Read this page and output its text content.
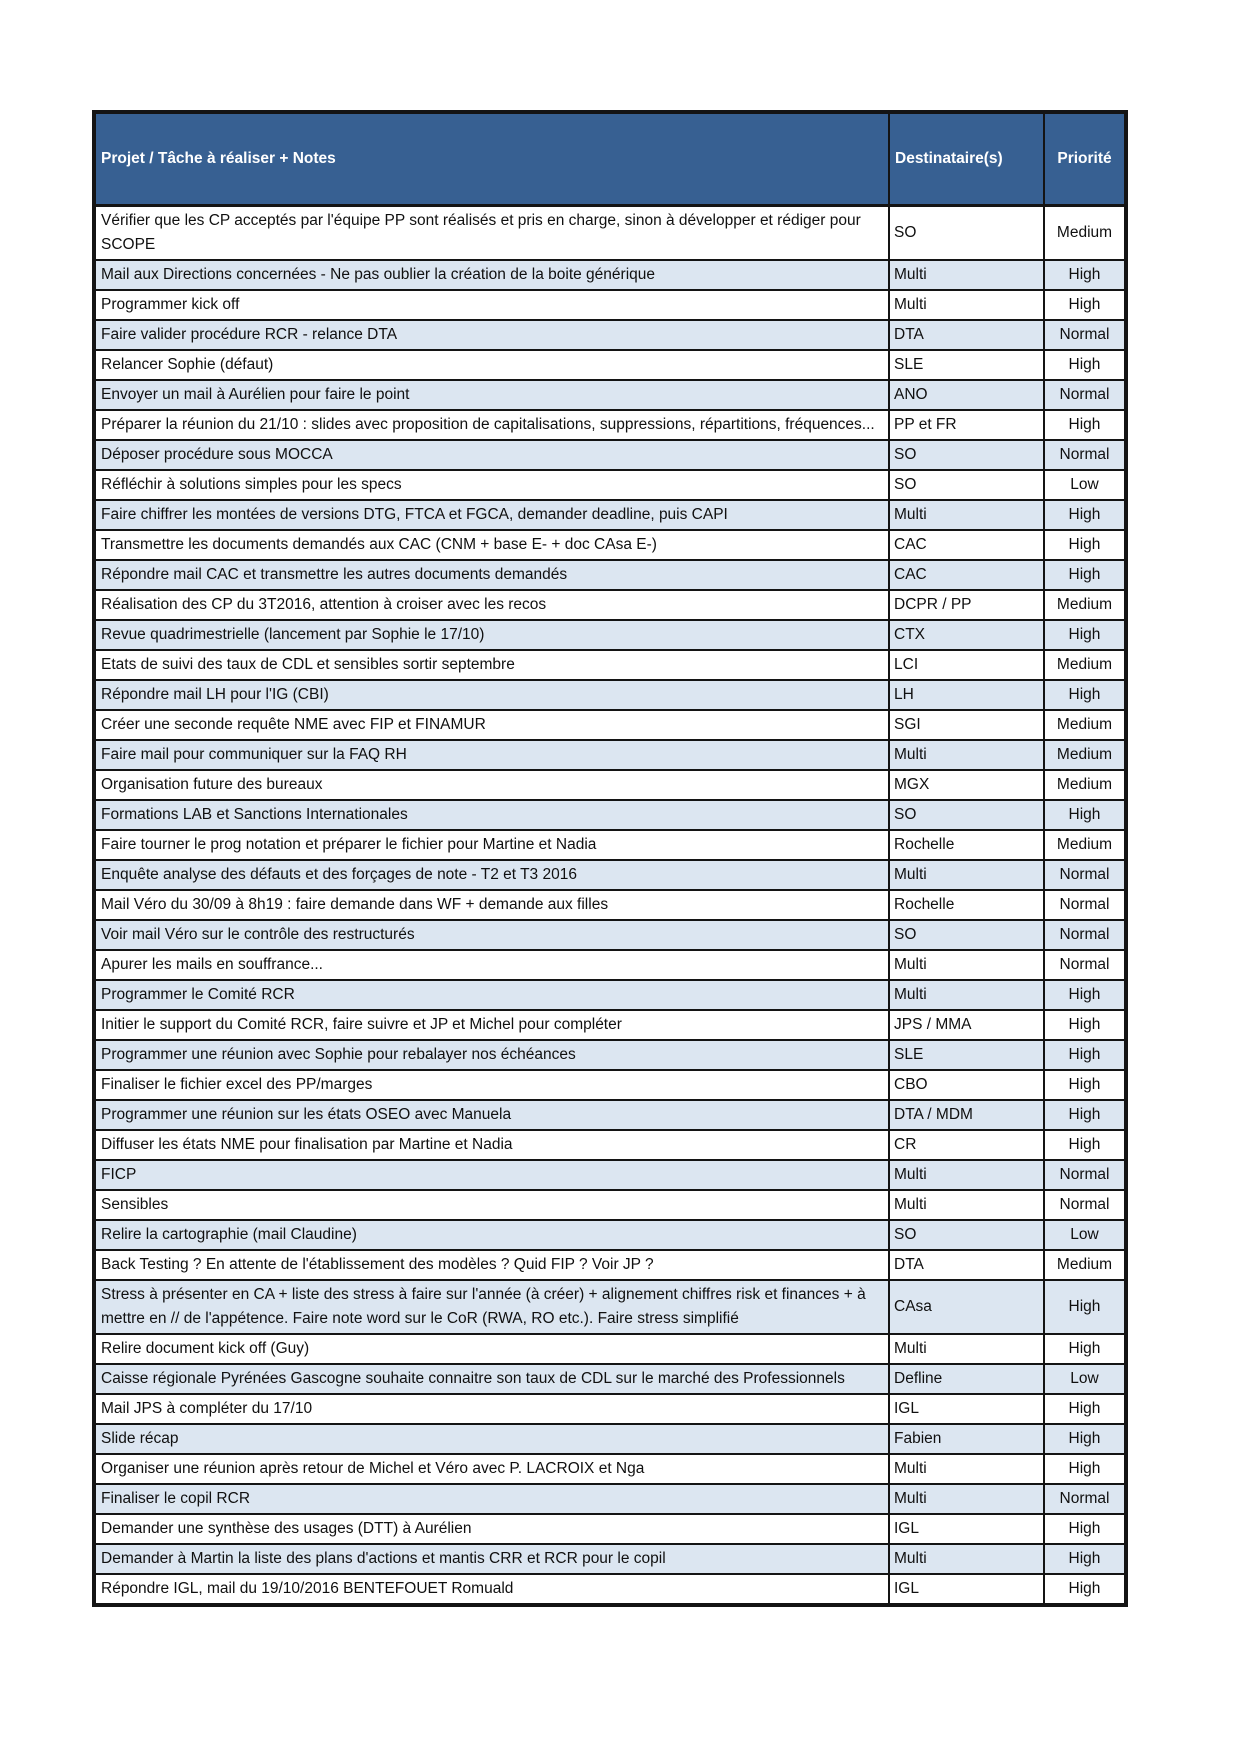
Projet / Tâche à réaliser + Notes	Destinataire(s)	Priorité
Vérifier que les CP acceptés par l'équipe PP sont réalisés et pris en charge, sinon à développer et rédiger pour SCOPE	SO	Medium
Mail aux Directions concernées - Ne pas oublier la création de la boite générique	Multi	High
Programmer kick off	Multi	High
Faire valider procédure RCR - relance DTA	DTA	Normal
Relancer Sophie (défaut)	SLE	High
Envoyer un mail à Aurélien pour faire le point	ANO	Normal
Préparer la réunion du 21/10 : slides avec proposition de capitalisations, suppressions, répartitions, fréquences...	PP et FR	High
Déposer procédure sous MOCCA	SO	Normal
Réfléchir à solutions simples pour les specs	SO	Low
Faire chiffrer les montées de versions DTG, FTCA et FGCA, demander deadline, puis CAPI	Multi	High
Transmettre les documents demandés aux CAC (CNM + base E- + doc CAsa E-)	CAC	High
Répondre mail CAC et transmettre les autres documents demandés	CAC	High
Réalisation des CP du 3T2016, attention à croiser avec les recos	DCPR / PP	Medium
Revue quadrimestrielle (lancement par Sophie le 17/10)	CTX	High
Etats de suivi des taux de CDL et sensibles sortir septembre	LCI	Medium
Répondre mail LH pour l'IG (CBI)	LH	High
Créer une seconde requête NME avec FIP et FINAMUR	SGI	Medium
Faire mail pour communiquer sur la FAQ RH	Multi	Medium
Organisation future des bureaux	MGX	Medium
Formations LAB et Sanctions Internationales	SO	High
Faire tourner le prog notation et préparer le fichier pour Martine et Nadia	Rochelle	Medium
Enquête analyse des défauts et des forçages de note - T2 et T3 2016	Multi	Normal
Mail Véro du 30/09 à 8h19 : faire demande dans WF + demande aux filles	Rochelle	Normal
Voir mail Véro sur le contrôle des restructurés	SO	Normal
Apurer les mails en souffrance...	Multi	Normal
Programmer le Comité RCR	Multi	High
Initier le support du Comité RCR, faire suivre et JP et Michel pour compléter	JPS / MMA	High
Programmer une réunion avec Sophie pour rebalayer nos échéances	SLE	High
Finaliser le fichier excel des PP/marges	CBO	High
Programmer une réunion sur les états OSEO avec Manuela	DTA / MDM	High
Diffuser les états NME pour finalisation par Martine et Nadia	CR	High
FICP	Multi	Normal
Sensibles	Multi	Normal
Relire la cartographie (mail Claudine)	SO	Low
Back Testing ? En attente de l'établissement des modèles ? Quid FIP ? Voir JP ?	DTA	Medium
Stress à présenter en CA + liste des stress à faire sur l'année (à créer) + alignement chiffres risk et finances + à mettre en // de l'appétence. Faire note word sur le CoR (RWA, RO etc.). Faire stress simplifié	CAsa	High
Relire document kick off (Guy)	Multi	High
Caisse régionale Pyrénées Gascogne souhaite connaitre son taux de CDL sur le marché des Professionnels	Defline	Low
Mail JPS à compléter du 17/10	IGL	High
Slide récap	Fabien	High
Organiser une réunion après retour de Michel et Véro avec P. LACROIX et Nga	Multi	High
Finaliser le copil RCR	Multi	Normal
Demander une synthèse des usages (DTT) à Aurélien	IGL	High
Demander à Martin la liste des plans d'actions et mantis CRR et RCR pour le copil	Multi	High
Répondre IGL, mail du 19/10/2016 BENTEFOUET Romuald	IGL	High
